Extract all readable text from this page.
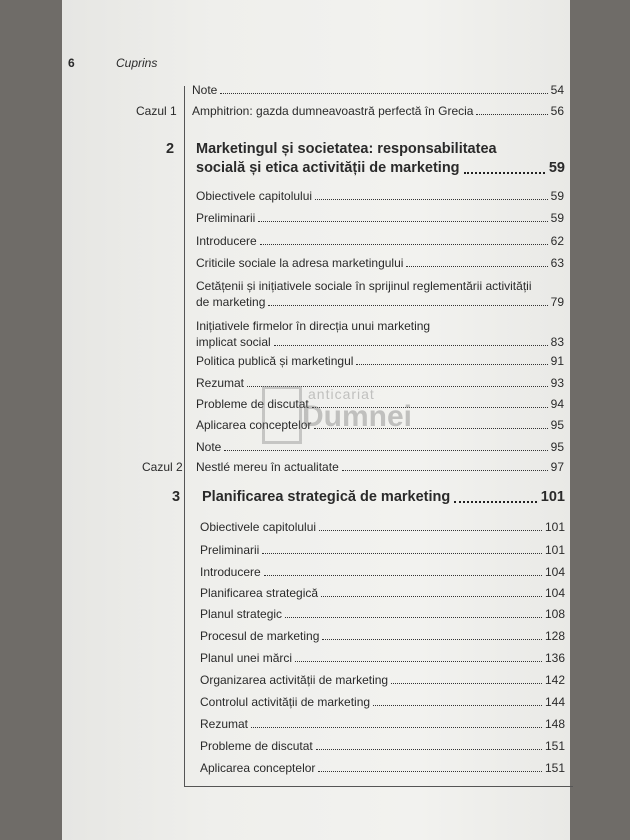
6	Cuprins
Note	54
Cazul 1 Amphitrion: gazda dumneavoastră perfectă în Grecia	56
2 Marketingul și societatea: responsabilitatea
socială și etica activității de marketing	59
Obiectivele capitolului	59
Preliminarii	59
Introducere	62
Criticile sociale la adresa marketingului	63
Cetățenii și inițiativele sociale în sprijinul reglementării activității
de marketing	79
Inițiativele firmelor în direcția unui marketing
implicat social	83
Politica publică și marketingul	91
Rezumat	93
Probleme de discutat	94
Aplicarea conceptelor	95
Note	95
Cazul 2 Nestlé mereu în actualitate	97
3 Planificarea strategică de marketing	101
Obiectivele capitolului	101
Preliminarii	101
Introducere	104
Planificarea strategică	104
Planul strategic	108
Procesul de marketing	128
Planul unei mărci	136
Organizarea activității de marketing	142
Controlul activității de marketing	144
Rezumat	148
Probleme de discutat	151
Aplicarea conceptelor	151
anticariat
Dumnei
